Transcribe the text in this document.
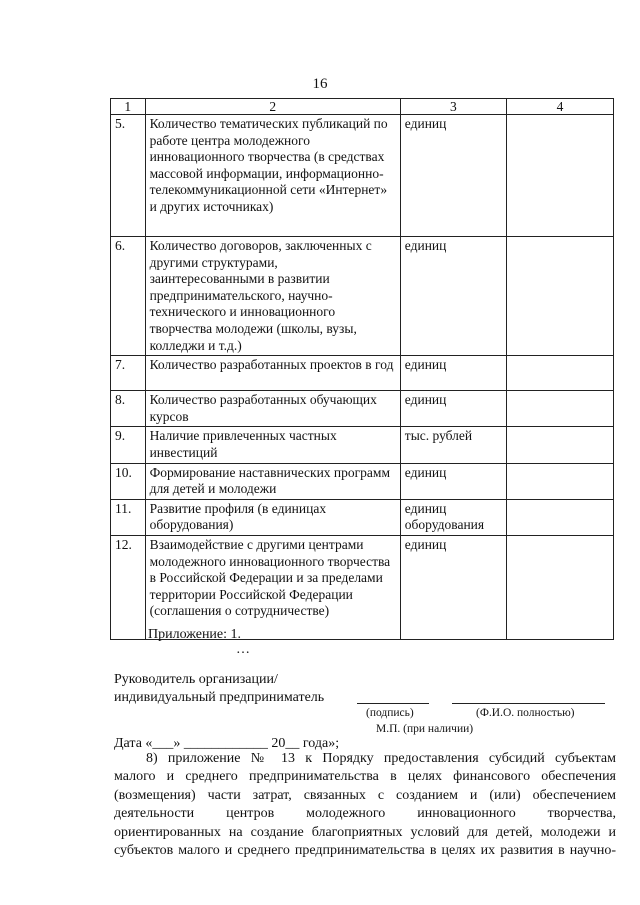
16
1	2	3	4
5.	Количество тематических публикаций по работе центра молодежного инновационного творчества (в средствах массовой информации, информационно-телекоммуникационной сети «Интернет» и других источниках)	единиц	
6.	Количество договоров, заключенных с другими структурами, заинтересованными в развитии предпринимательского, научно-технического и инновационного творчества молодежи (школы, вузы, колледжи и т.д.)	единиц	
7.	Количество разработанных проектов в год	единиц	
8.	Количество разработанных обучающих курсов	единиц	
9.	Наличие привлеченных частных инвестиций	тыс. рублей	
10.	Формирование наставнических программ для детей и молодежи	единиц	
11.	Развитие профиля (в единицах оборудования)	единиц оборудования	
12.	Взаимодействие с другими центрами молодежного инновационного творчества в Российской Федерации и за пределами территории Российской Федерации (соглашения о сотрудничестве)	единиц	
Приложение: 1.
…
Руководитель организации/
индивидуальный предприниматель
(подпись)	(Ф.И.О. полностью)
М.П. (при наличии)
Дата «___» ____________ 20__ года»;
8) приложение № 13 к Порядку предоставления субсидий субъектам
малого и среднего предпринимательства в целях финансового обеспечения
(возмещения) части затрат, связанных с созданием и (или) обеспечением
деятельности центров молодежного инновационного творчества,
ориентированных на создание благоприятных условий для детей, молодежи и
субъектов малого и среднего предпринимательства в целях их развития в научно-
